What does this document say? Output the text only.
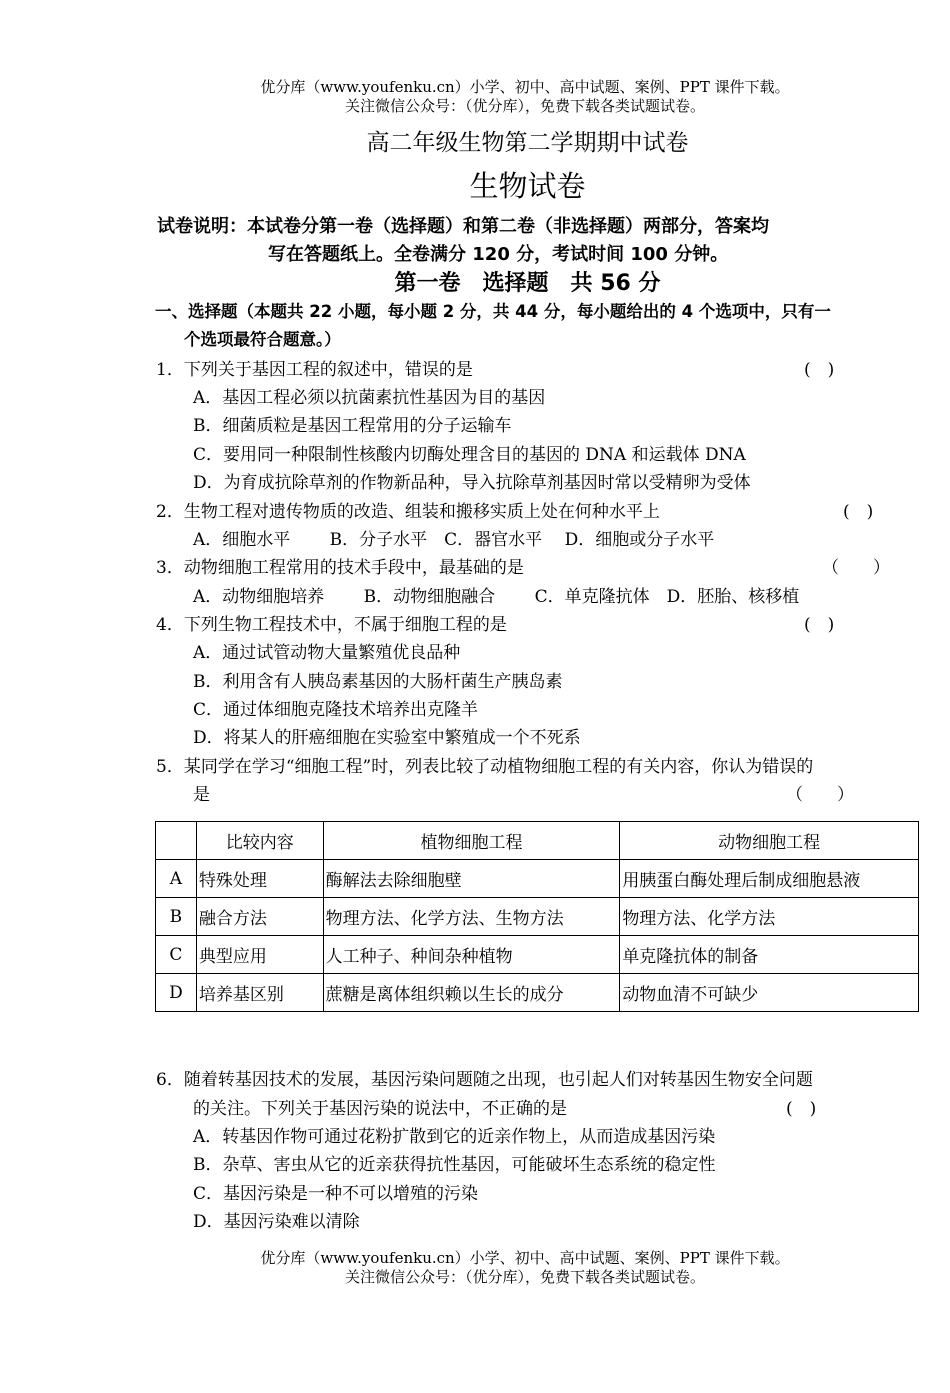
优分库（www.youfenku.cn）小学、初中、高中试题、案例、PPT 课件下载。
关注微信公众号：（优分库），免费下载各类试题试卷。
高二年级生物第二学期期中试卷
生物试卷
试卷说明：本试卷分第一卷（选择题）和第二卷（非选择题）两部分，答案均
写在答题纸上。全卷满分 120 分，考试时间 100 分钟。
第一卷　选择题　共 56 分
一、选择题（本题共 22 小题，每小题 2 分，共 44 分，每小题给出的 4 个选项中，只有一
个选项最符合题意。）
1．下列关于基因工程的叙述中，错误的是	(　)
A．基因工程必须以抗菌素抗性基因为目的基因
B．细菌质粒是基因工程常用的分子运输车
C．要用同一种限制性核酸内切酶处理含目的基因的 DNA 和运载体 DNA
D．为育成抗除草剂的作物新品种，导入抗除草剂基因时常以受精卵为受体
2．生物工程对遗传物质的改造、组装和搬移实质上处在何种水平上	(　)
A．细胞水平　　 B．分子水平　C．器官水平　 D．细胞或分子水平
3．动物细胞工程常用的技术手段中，最基础的是	（　　）
A．动物细胞培养　　 B．动物细胞融合　　 C．单克隆抗体　D．胚胎、核移植
4．下列生物工程技术中，不属于细胞工程的是	(　)
A．通过试管动物大量繁殖优良品种
B．利用含有人胰岛素基因的大肠杆菌生产胰岛素
C．通过体细胞克隆技术培养出克隆羊
D．将某人的肝癌细胞在实验室中繁殖成一个不死系
5．某同学在学习“细胞工程”时，列表比较了动植物细胞工程的有关内容，你认为错误的
是	（　　）
	比较内容	植物细胞工程	动物细胞工程
A	特殊处理	酶解法去除细胞壁	用胰蛋白酶处理后制成细胞悬液
B	融合方法	物理方法、化学方法、生物方法	物理方法、化学方法
C	典型应用	人工种子、种间杂种植物	单克隆抗体的制备
D	培养基区别	蔗糖是离体组织赖以生长的成分	动物血清不可缺少
6．随着转基因技术的发展，基因污染问题随之出现，也引起人们对转基因生物安全问题
的关注。下列关于基因污染的说法中，不正确的是	(　)
A．转基因作物可通过花粉扩散到它的近亲作物上，从而造成基因污染
B．杂草、害虫从它的近亲获得抗性基因，可能破坏生态系统的稳定性
C．基因污染是一种不可以增殖的污染
D．基因污染难以清除
优分库（www.youfenku.cn）小学、初中、高中试题、案例、PPT 课件下载。
关注微信公众号：（优分库），免费下载各类试题试卷。
